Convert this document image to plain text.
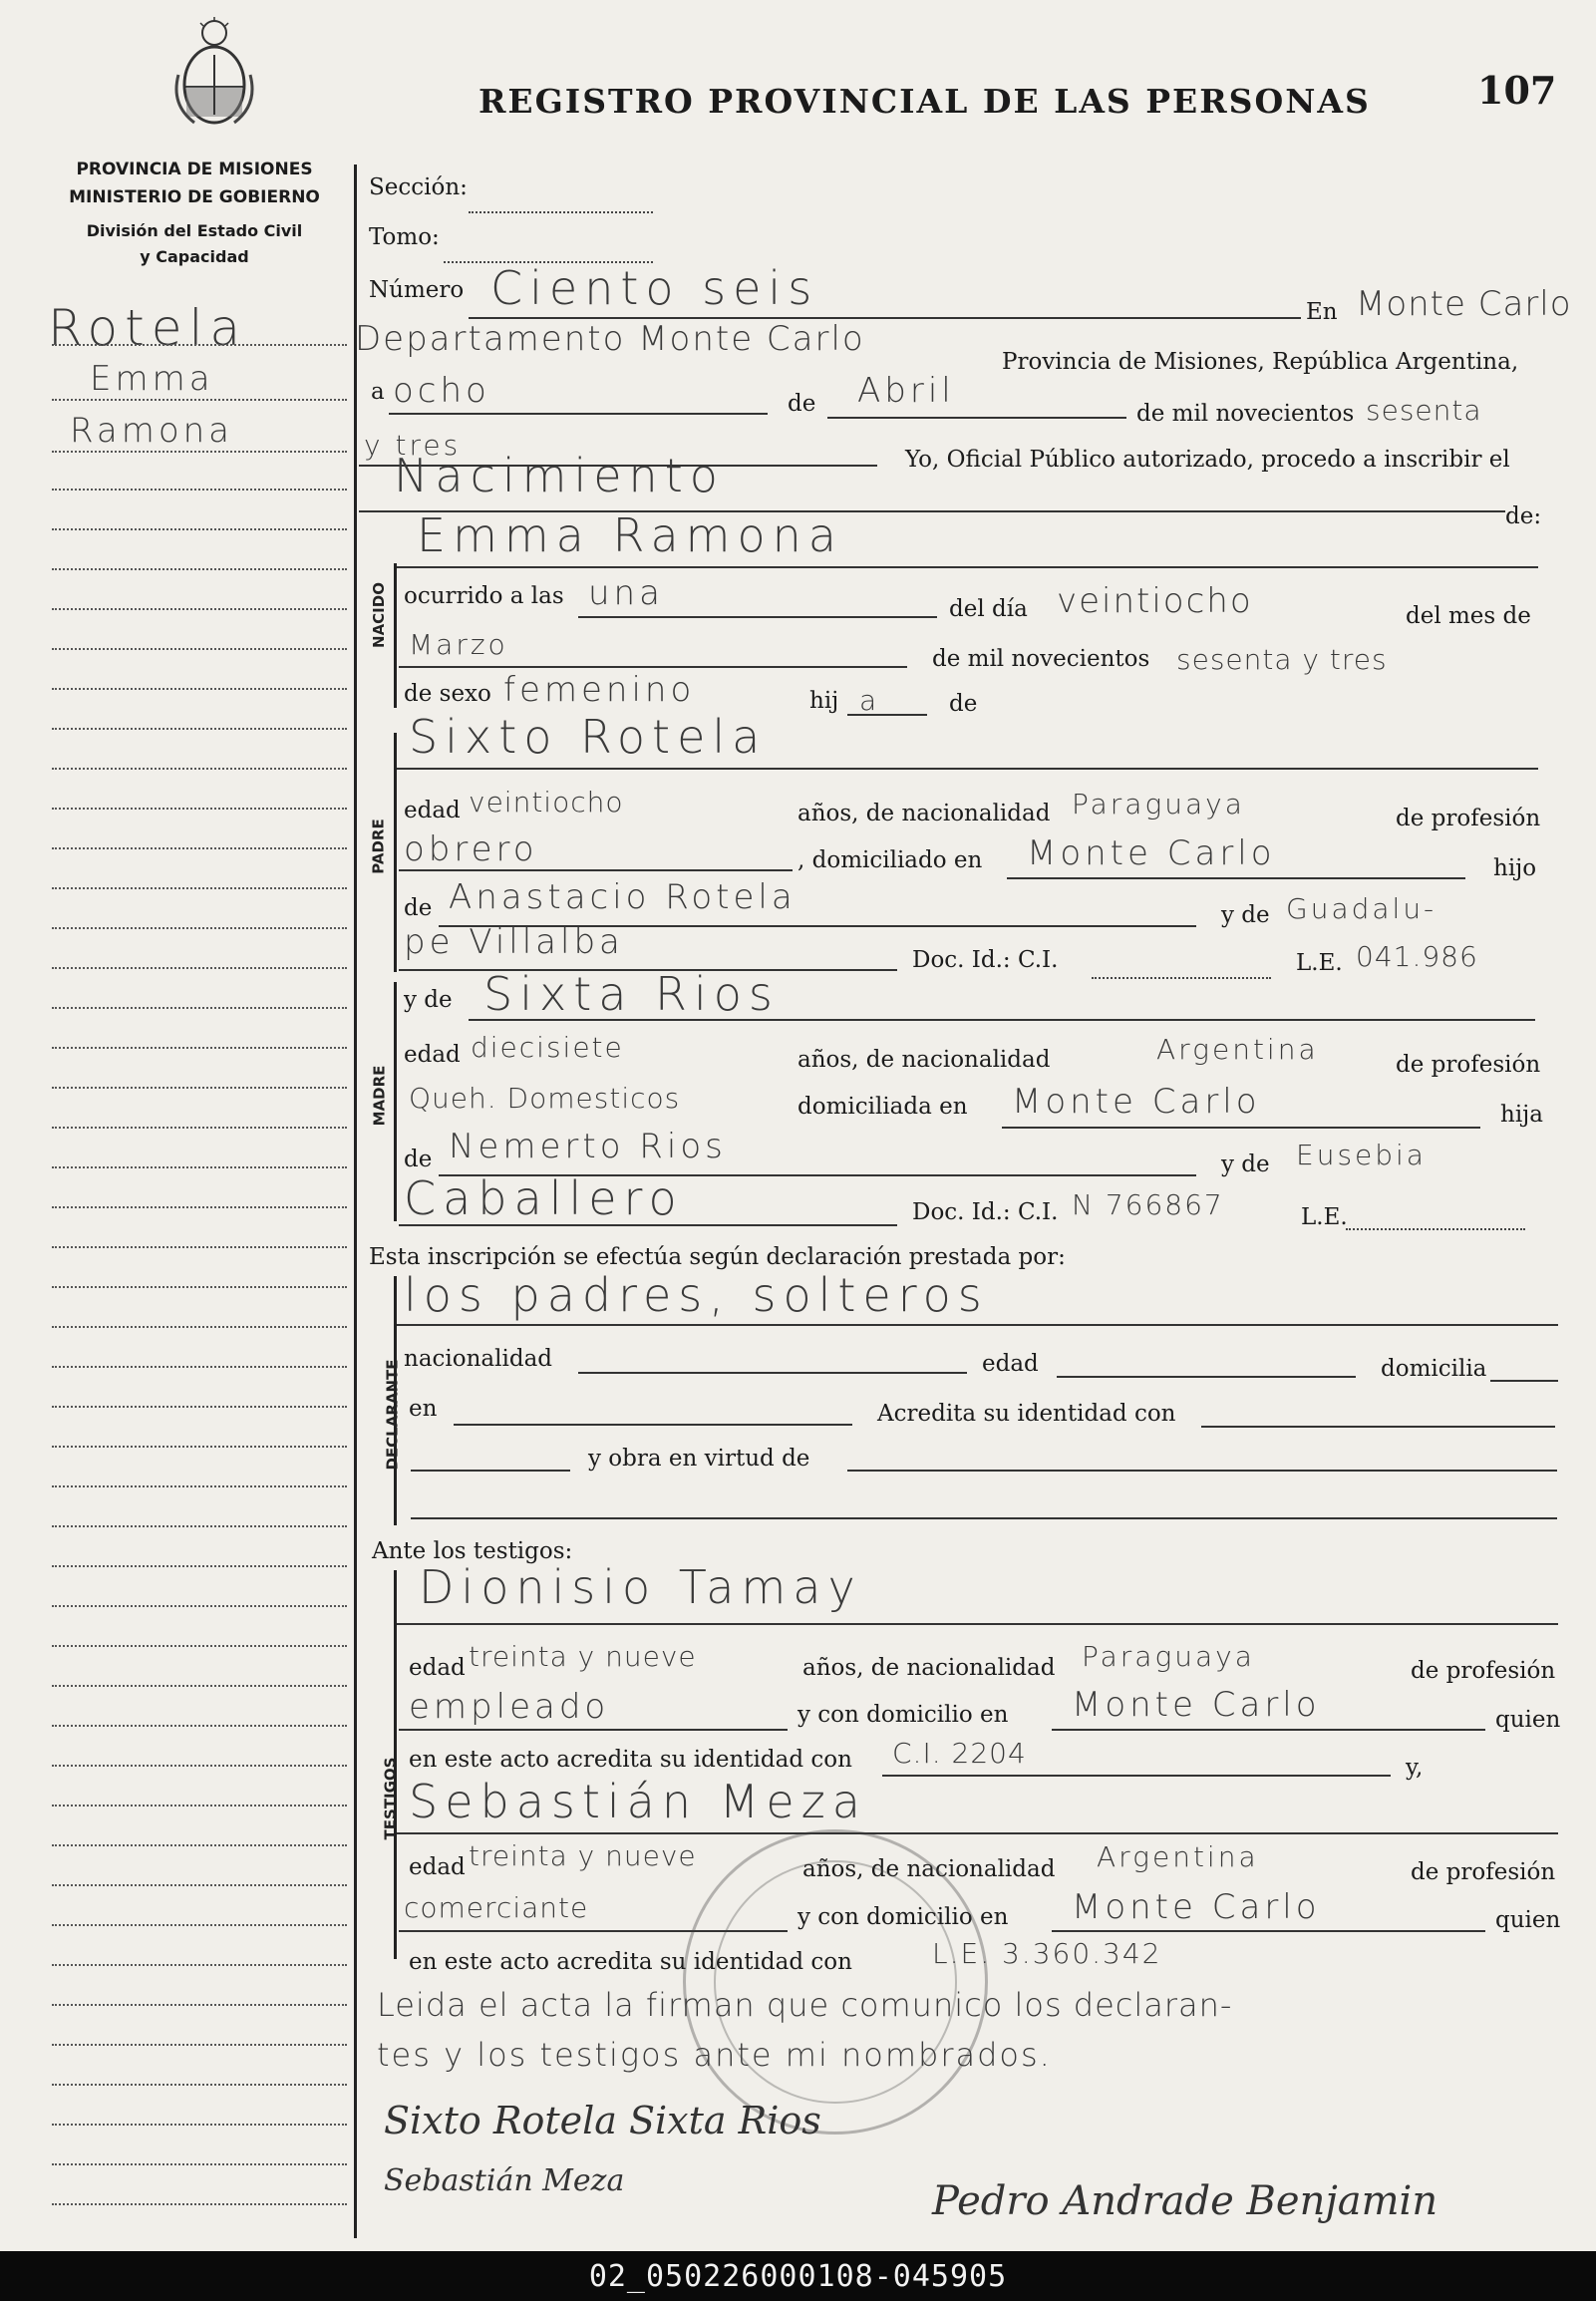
REGISTRO PROVINCIAL DE LAS PERSONAS	107
PROVINCIA DE MISIONES
MINISTERIO DE GOBIERNO
División del Estado Civil
y Capacidad
Rotela
Emma
Ramona
Sección:
Tomo:
Número Ciento seis	En Monte Carlo
Departamento Monte Carlo
Provincia de Misiones, República Argentina,
a ocho	de Abril
de mil novecientos sesenta
y tres	Yo, Oficial Público autorizado, procedo a inscribir el
Nacimiento
de:
NACIDO
Emma Ramona
ocurrido a las una	del día veintiocho	del mes de
Marzo	de mil novecientos sesenta y tres
de sexo femenino	hij a	de
PADRE
Sixto Rotela
edad veintiocho	años, de nacionalidad Paraguaya	de profesión
obrero	, domiciliado en Monte Carlo	hijo
de Anastacio Rotela	y de Guadalu-
pe Villalba	Doc. Id.: C.I.	L.E. 041.986
MADRE
y de Sixta Rios
edad diecisiete	años, de nacionalidad	Argentina	de profesión
Queh. Domesticos	domiciliada en Monte Carlo	hija
de Nemerto Rios	y de Eusebia
Caballero	Doc. Id.: C.I. N 766867	L.E.
Esta inscripción se efectúa según declaración prestada por:
DECLARANTE
los padres, solteros
nacionalidad	edad	domicilia
en	Acredita su identidad con
y obra en virtud de
Ante los testigos:
TESTIGOS
Dionisio Tamay
edad treinta y nueve	años, de nacionalidad Paraguaya	de profesión
empleado	y con domicilio en Monte Carlo	quien
en este acto acredita su identidad con C.I. 2204	y,
Sebastián Meza
edad treinta y nueve	años, de nacionalidad Argentina	de profesión
comerciante	y con domicilio en Monte Carlo	quien
en este acto acredita su identidad con	L.E. 3.360.342
Leida el acta la firman que comunico los declaran-
tes y los testigos ante mi nombrados.
Sixto Rotela Sixta Rios
Sebastián Meza	Pedro Andrade Benjamin
02_050226000108-045905
